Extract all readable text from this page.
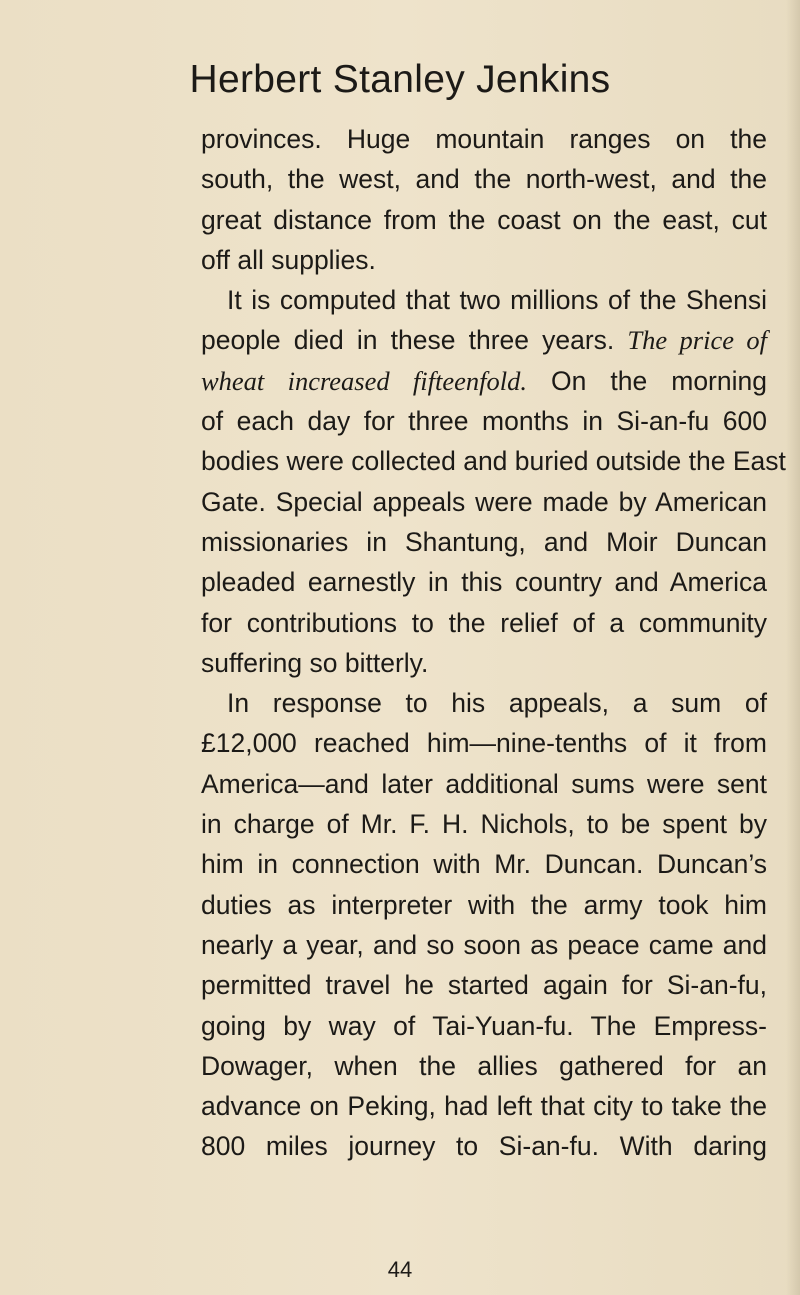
Herbert Stanley Jenkins
provinces. Huge mountain ranges on the
south, the west, and the north-west, and the
great distance from the coast on the east, cut
off all supplies.
It is computed that two millions of the Shensi
people died in these three years. The price of
wheat increased fifteenfold. On the morning
of each day for three months in Si-an-fu 600
bodies were collected and buried outside the East
Gate. Special appeals were made by American
missionaries in Shantung, and Moir Duncan
pleaded earnestly in this country and America
for contributions to the relief of a community
suffering so bitterly.
In response to his appeals, a sum of
£12,000 reached him—nine-tenths of it from
America—and later additional sums were sent
in charge of Mr. F. H. Nichols, to be spent by
him in connection with Mr. Duncan. Duncan’s
duties as interpreter with the army took him
nearly a year, and so soon as peace came and
permitted travel he started again for Si-an-fu,
going by way of Tai-Yuan-fu. The Empress-
Dowager, when the allies gathered for an
advance on Peking, had left that city to take the
800 miles journey to Si-an-fu. With daring
44
